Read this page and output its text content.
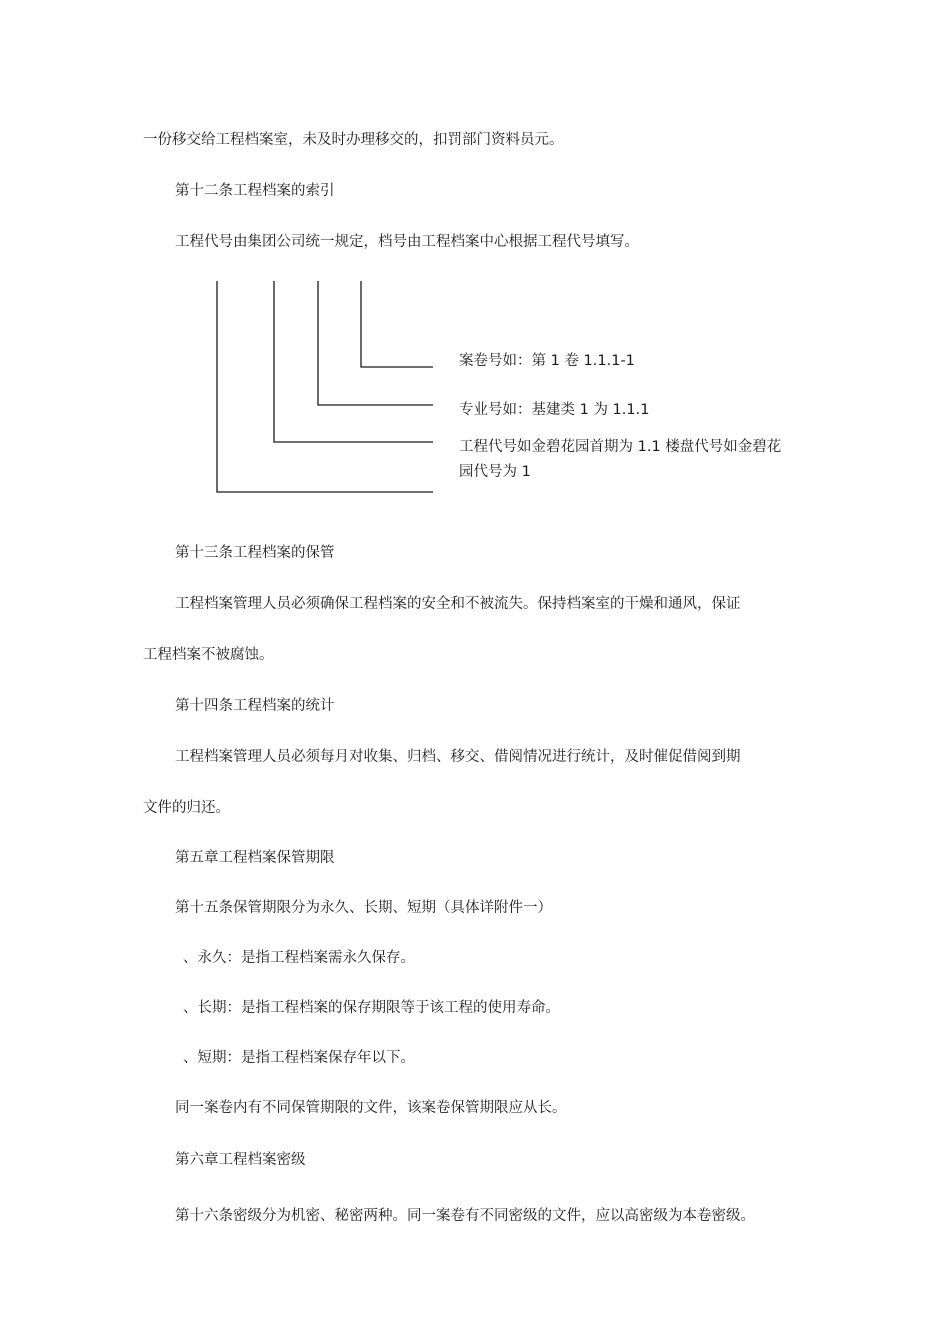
一份移交给工程档案室，未及时办理移交的，扣罚部门资料员元。
第十二条工程档案的索引
工程代号由集团公司统一规定，档号由工程档案中心根据工程代号填写。
案卷号如：第 1 卷 1.1.1-1
专业号如：基建类 1 为 1.1.1
工程代号如金碧花园首期为 1.1 楼盘代号如金碧花
园代号为 1
第十三条工程档案的保管
工程档案管理人员必须确保工程档案的安全和不被流失。保持档案室的干燥和通风，保证
工程档案不被腐蚀。
第十四条工程档案的统计
工程档案管理人员必须每月对收集、归档、移交、借阅情况进行统计，及时催促借阅到期
文件的归还。
第五章工程档案保管期限
第十五条保管期限分为永久、长期、短期（具体详附件一）
、永久：是指工程档案需永久保存。
、长期：是指工程档案的保存期限等于该工程的使用寿命。
、短期：是指工程档案保存年以下。
同一案卷内有不同保管期限的文件，该案卷保管期限应从长。
第六章工程档案密级
第十六条密级分为机密、秘密两种。同一案卷有不同密级的文件，应以高密级为本卷密级。
